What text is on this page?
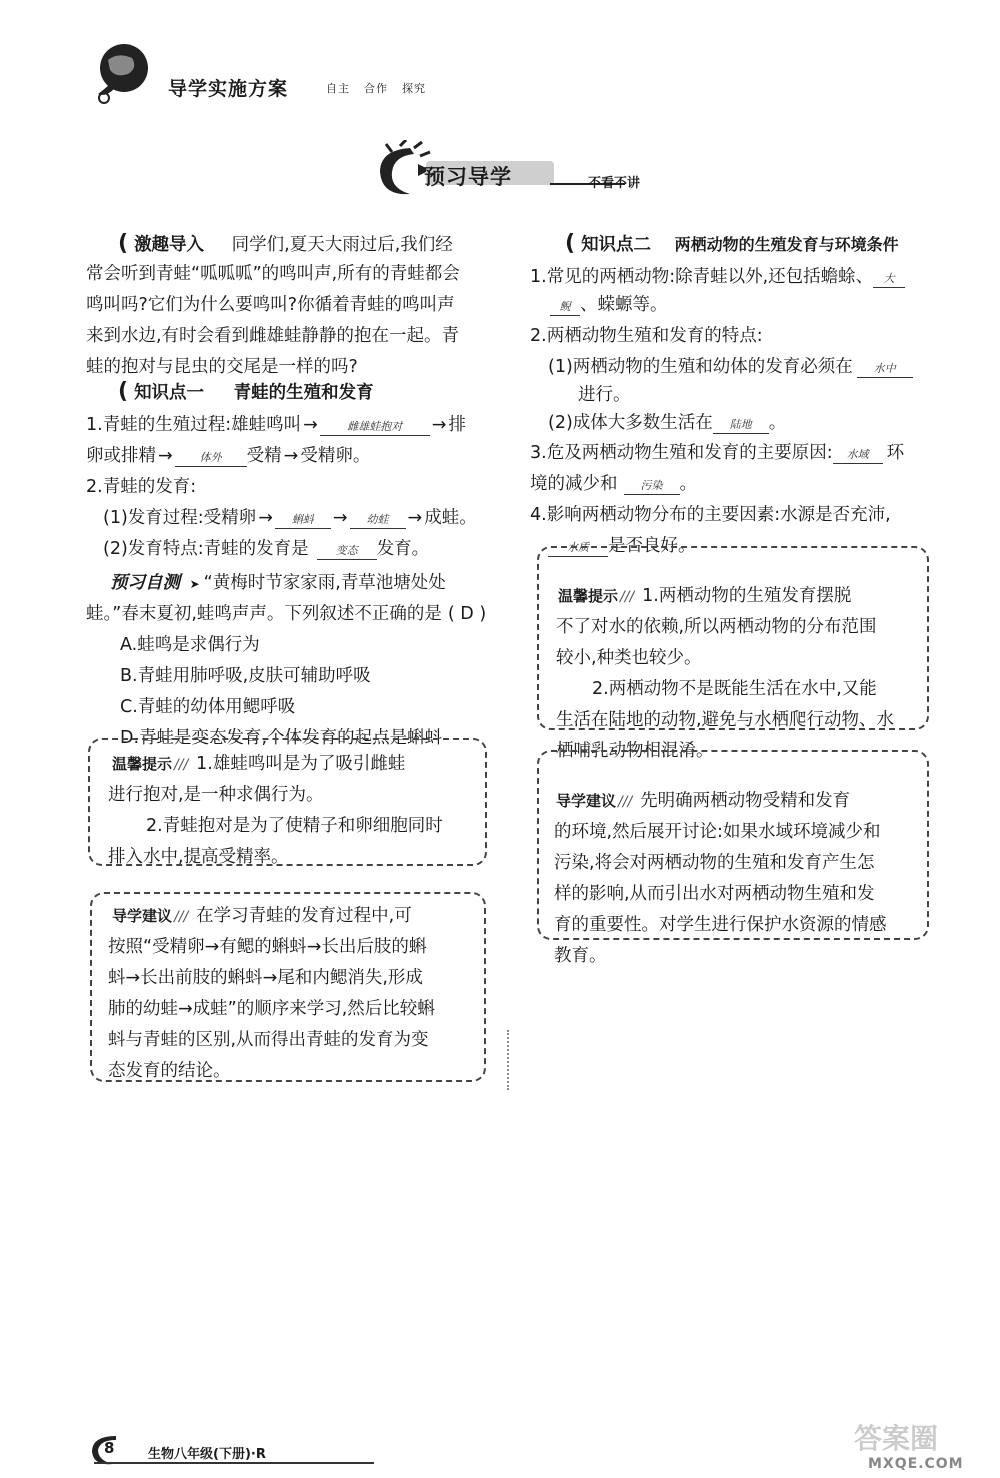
导学实施方案	自主 合作 探究
预习导学	不看不讲
( 激趣导入 同学们,夏天大雨过后,我们经
常会听到青蛙“呱呱呱”的鸣叫声,所有的青蛙都会
鸣叫吗?它们为什么要鸣叫?你循着青蛙的鸣叫声
来到水边,有时会看到雌雄蛙静静的抱在一起。青
蛙的抱对与昆虫的交尾是一样的吗?
( 知识点一 青蛙的生殖和发育
1.青蛙的生殖过程:雄蛙鸣叫 →	雌雄蛙抱对 → 排
卵或排精 → 体外 受精 → 受精卵。
2.青蛙的发育:
(1)发育过程:受精卵 → 蝌蚪 → 幼蛙 → 成蛙。
(2)发育特点:青蛙的发育是 变态 发育。
预习自测 ➤ “黄梅时节家家雨,青草池塘处处
蛙。”春末夏初,蛙鸣声声。下列叙述不正确的是 ( D )
A.蛙鸣是求偶行为
B.青蛙用肺呼吸,皮肤可辅助呼吸
C.青蛙的幼体用鳃呼吸
D.青蛙是变态发育,个体发育的起点是蝌蚪
温馨提示 /// 1.雄蛙鸣叫是为了吸引雌蛙
进行抱对,是一种求偶行为。
2.青蛙抱对是为了使精子和卵细胞同时
排入水中,提高受精率。
导学建议 /// 在学习青蛙的发育过程中,可
按照“受精卵→有鳃的蝌蚪→长出后肢的蝌
蚪→长出前肢的蝌蚪→尾和内鳃消失,形成
肺的幼蛙→成蛙”的顺序来学习,然后比较蝌
蚪与青蛙的区别,从而得出青蛙的发育为变
态发育的结论。
( 知识点二 两栖动物的生殖发育与环境条件
1.常见的两栖动物:除青蛙以外,还包括蟾蜍、 大
鲵 、蝾螈等。
2.两栖动物生殖和发育的特点:
(1)两栖动物的生殖和幼体的发育必须在 水中
进行。
(2)成体大多数生活在 陆地 。
3.危及两栖动物生殖和发育的主要原因: 水域 环
境的减少和 污染 。
4.影响两栖动物分布的主要因素:水源是否充沛,
水质 是否良好。
温馨提示 /// 1.两栖动物的生殖发育摆脱
不了对水的依赖,所以两栖动物的分布范围
较小,种类也较少。
2.两栖动物不是既能生活在水中,又能
生活在陆地的动物,避免与水栖爬行动物、水
栖哺乳动物相混淆。
导学建议 /// 先明确两栖动物受精和发育
的环境,然后展开讨论:如果水域环境减少和
污染,将会对两栖动物的生殖和发育产生怎
样的影响,从而引出水对两栖动物生殖和发
育的重要性。对学生进行保护水资源的情感
教育。
8	生物八年级(下册)·R	答案圈
MXQE.COM
